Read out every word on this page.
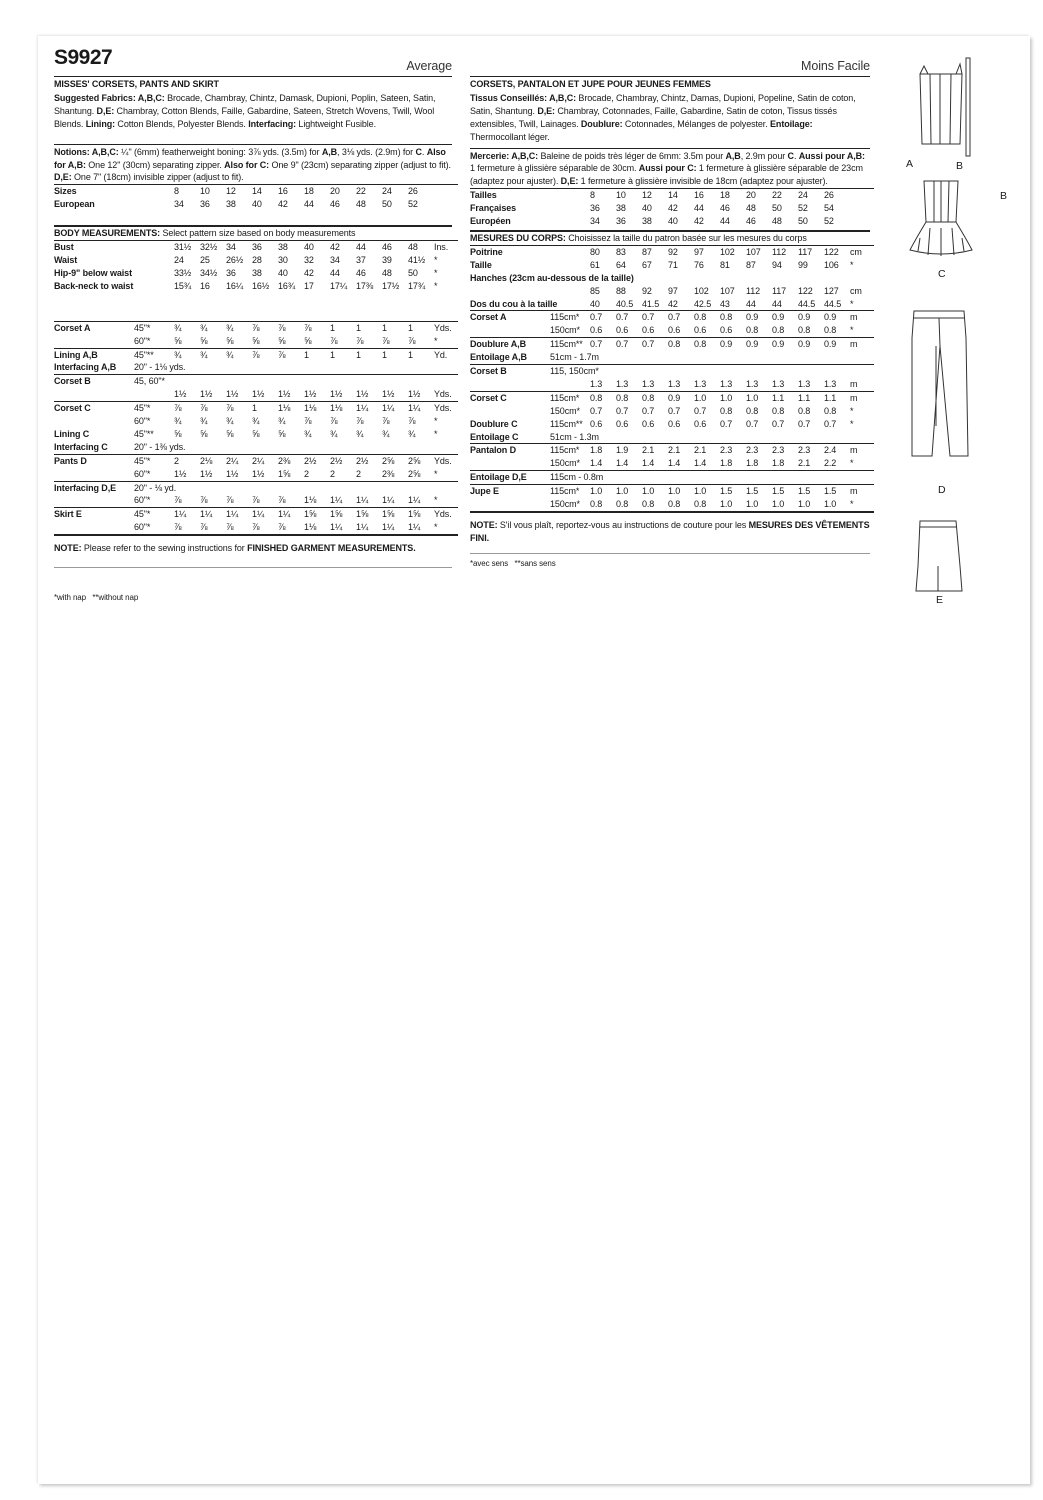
S9927	Average
MISSES' CORSETS, PANTS AND SKIRT
Suggested Fabrics: A,B,C: Brocade, Chambray, Chintz, Damask, Dupioni, Poplin, Sateen, Satin, Shantung. D,E: Chambray, Cotton Blends, Faille, Gabardine, Sateen, Stretch Wovens, Twill, Wool Blends. Lining: Cotton Blends, Polyester Blends. Interfacing: Lightweight Fusible.
Notions: A,B,C: ¼" (6mm) featherweight boning: 3⅞ yds. (3.5m) for A,B, 3⅛ yds. (2.9m) for C. Also for A,B: One 12" (30cm) separating zipper. Also for C: One 9" (23cm) separating zipper (adjust to fit). D,E: One 7" (18cm) invisible zipper (adjust to fit).
Sizes		8	10	12	14	16	18	20	22	24	26	
European		34	36	38	40	42	44	46	48	50	52	
BODY MEASUREMENTS: Select pattern size based on body measurements
Bust		31½	32½	34	36	38	40	42	44	46	48	Ins.
Waist		24	25	26½	28	30	32	34	37	39	41½	*
Hip-9" below waist		33½	34½	36	38	40	42	44	46	48	50	*
Back-neck to waist		15¾	16	16¼	16½	16¾	17	17¼	17⅜	17½	17¾	*
Corset A	45"*	¾	¾	¾	⅞	⅞	⅞	1	1	1	1	Yds.
	60"*	⅝	⅝	⅝	⅝	⅝	⅝	⅞	⅞	⅞	⅞	*
Lining A,B	45"**	¾	¾	¾	⅞	⅞	1	1	1	1	1	Yd.
Interfacing A,B	20" - 1⅛ yds.											
Corset B	45, 60"*											
		1½	1½	1½	1½	1½	1½	1½	1½	1½	1½	Yds.
Corset C	45"*	⅞	⅞	⅞	1	1⅛	1⅛	1⅛	1¼	1¼	1¼	Yds.
	60"*	¾	¾	¾	¾	¾	⅞	⅞	⅞	⅞	⅞	*
Lining C	45"**	⅝	⅝	⅝	⅝	⅝	¾	¾	¾	¾	¾	*
Interfacing C	20" - 1⅜ yds.											
Pants D	45"*	2	2⅛	2¼	2¼	2⅜	2½	2½	2½	2⅝	2⅝	Yds.
	60"*	1½	1½	1½	1½	1⅝	2	2	2	2⅜	2⅝	*
Interfacing D,E	20" - ⅛ yd.											
	60"*	⅞	⅞	⅞	⅞	⅞	1⅛	1¼	1¼	1¼	1¼	*
Skirt E	45"*	1¼	1¼	1¼	1¼	1¼	1⅝	1⅝	1⅝	1⅝	1⅝	Yds.
	60"*	⅞	⅞	⅞	⅞	⅞	1⅛	1¼	1¼	1¼	1¼	*
NOTE: Please refer to the sewing instructions for FINISHED GARMENT MEASUREMENTS.
*with nap   **without nap
Moins Facile
CORSETS, PANTALON ET JUPE POUR JEUNES FEMMES
Tissus Conseillés: A,B,C: Brocade, Chambray, Chintz, Damas, Dupioni, Popeline, Satin de coton, Satin, Shantung. D,E: Chambray, Cotonnades, Faille, Gabardine, Satin de coton, Tissus tissés extensibles, Twill, Lainages. Doublure: Cotonnades, Mélanges de polyester. Entoilage: Thermocollant léger.
Mercerie: A,B,C: Baleine de poids très léger de 6mm: 3.5m pour A,B, 2.9m pour C. Aussi pour A,B: 1 fermeture à glissière séparable de 30cm. Aussi pour C: 1 fermeture à glissière séparable de 23cm (adaptez pour ajuster). D,E: 1 fermeture à glissière invisible de 18cm (adaptez pour ajuster).
Tailles		8	10	12	14	16	18	20	22	24	26	
Françaises		36	38	40	42	44	46	48	50	52	54	
Européen		34	36	38	40	42	44	46	48	50	52	
MESURES DU CORPS: Choisissez la taille du patron basée sur les mesures du corps
Poitrine		80	83	87	92	97	102	107	112	117	122	cm
Taille		61	64	67	71	76	81	87	94	99	106	*
Hanches (23cm au-dessous de la taille)												
		85	88	92	97	102	107	112	117	122	127	cm
Dos du cou à la taille		40	40.5	41.5	42	42.5	43	44	44	44.5	44.5	*
Corset A	115cm*	0.7	0.7	0.7	0.7	0.8	0.8	0.9	0.9	0.9	0.9	m
	150cm*	0.6	0.6	0.6	0.6	0.6	0.6	0.8	0.8	0.8	0.8	*
Doublure A,B	115cm**	0.7	0.7	0.7	0.8	0.8	0.9	0.9	0.9	0.9	0.9	m
Entoilage A,B	51cm - 1.7m											
Corset B	115, 150cm*											
		1.3	1.3	1.3	1.3	1.3	1.3	1.3	1.3	1.3	1.3	m
Corset C	115cm*	0.8	0.8	0.8	0.9	1.0	1.0	1.0	1.1	1.1	1.1	m
	150cm*	0.7	0.7	0.7	0.7	0.7	0.8	0.8	0.8	0.8	0.8	*
Doublure C	115cm**	0.6	0.6	0.6	0.6	0.6	0.7	0.7	0.7	0.7	0.7	*
Entoilage C	51cm - 1.3m											
Pantalon D	115cm*	1.8	1.9	2.1	2.1	2.1	2.3	2.3	2.3	2.3	2.4	m
	150cm*	1.4	1.4	1.4	1.4	1.4	1.8	1.8	1.8	2.1	2.2	*
Entoilage D,E	115cm - 0.8m											
Jupe E	115cm*	1.0	1.0	1.0	1.0	1.0	1.5	1.5	1.5	1.5	1.5	m
	150cm*	0.8	0.8	0.8	0.8	0.8	1.0	1.0	1.0	1.0	1.0	*
NOTE: S'il vous plaît, reportez-vous au instructions de couture pour les MESURES DES VÊTEMENTS FINI.
*avec sens   **sans sens
A	B
B
C
D
E
